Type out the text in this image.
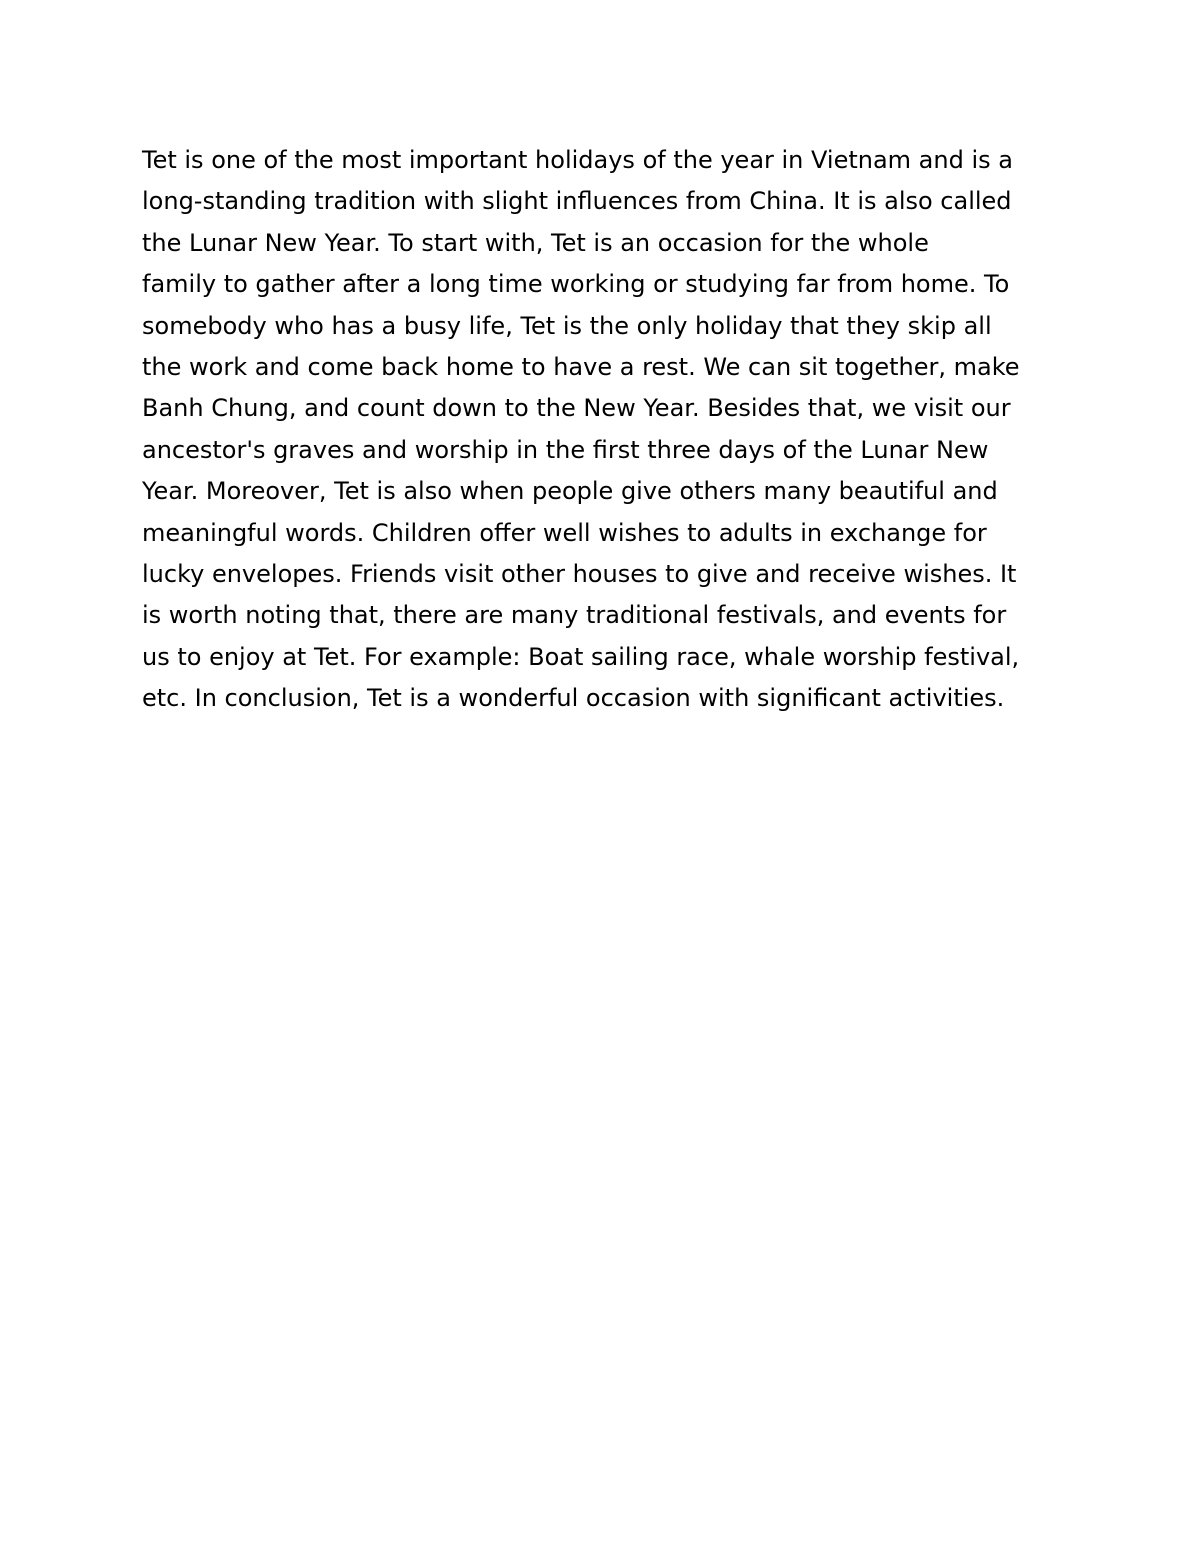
Tet is one of the most important holidays of the year in Vietnam and is a
long-standing tradition with slight influences from China. It is also called
the Lunar New Year. To start with, Tet is an occasion for the whole
family to gather after a long time working or studying far from home. To
somebody who has a busy life, Tet is the only holiday that they skip all
the work and come back home to have a rest. We can sit together, make
Banh Chung, and count down to the New Year. Besides that, we visit our
ancestor's graves and worship in the first three days of the Lunar New
Year. Moreover, Tet is also when people give others many beautiful and
meaningful words. Children offer well wishes to adults in exchange for
lucky envelopes. Friends visit other houses to give and receive wishes. It
is worth noting that, there are many traditional festivals, and events for
us to enjoy at Tet. For example: Boat sailing race, whale worship festival,
etc. In conclusion, Tet is a wonderful occasion with significant activities.
